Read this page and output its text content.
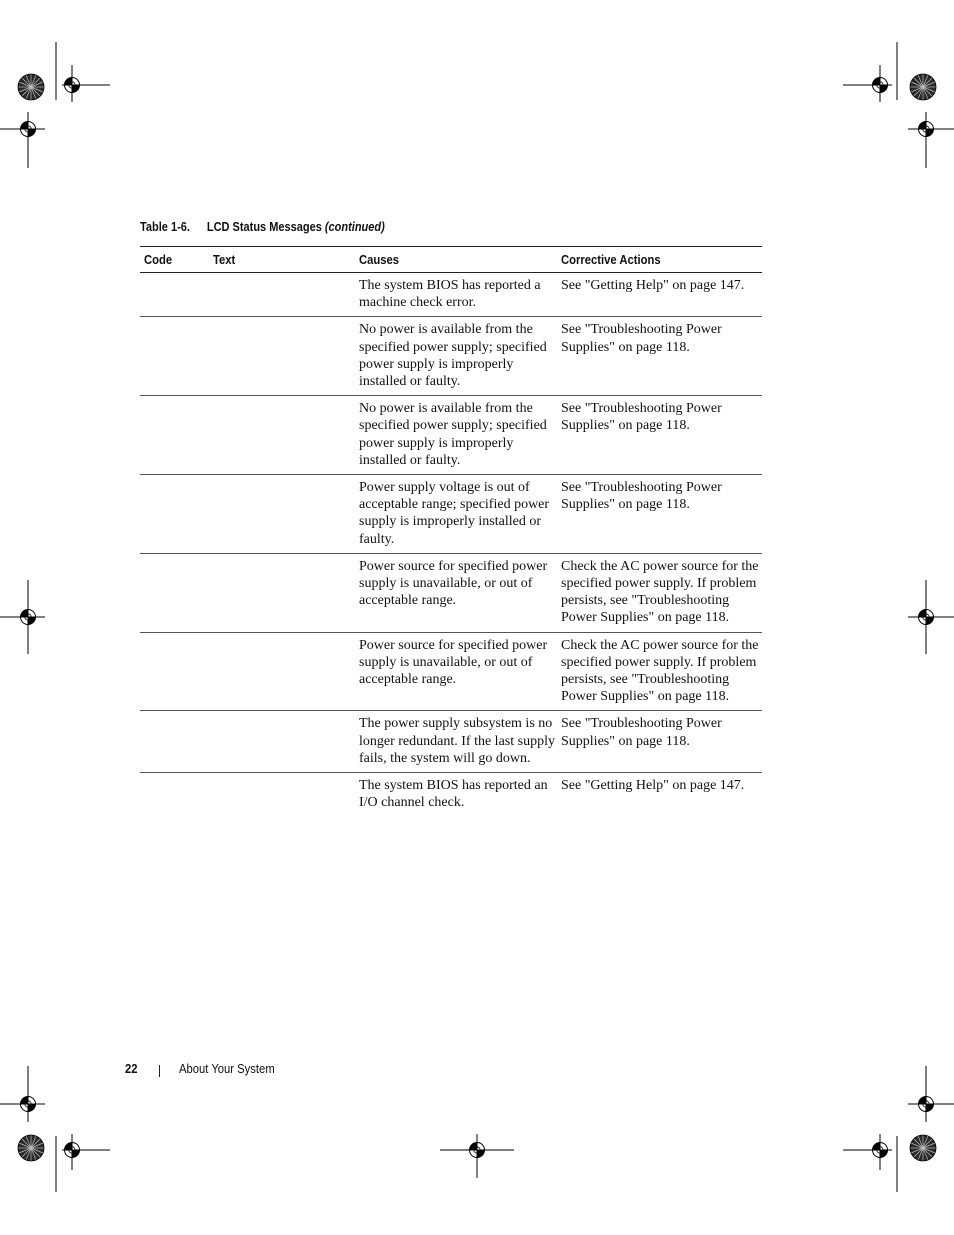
Table 1-6. LCD Status Messages (continued)
Code	Text	Causes	Corrective Actions
		The system BIOS has reported a machine check error.	See "Getting Help" on page 147.
		No power is available from the specified power supply; specified power supply is improperly installed or faulty.	See "Troubleshooting Power Supplies" on page 118.
		No power is available from the specified power supply; specified power supply is improperly installed or faulty.	See "Troubleshooting Power Supplies" on page 118.
		Power supply voltage is out of acceptable range; specified power supply is improperly installed or faulty.	See "Troubleshooting Power Supplies" on page 118.
		Power source for specified power supply is unavailable, or out of acceptable range.	Check the AC power source for the specified power supply. If problem persists, see "Troubleshooting Power Supplies" on page 118.
		Power source for specified power supply is unavailable, or out of acceptable range.	Check the AC power source for the specified power supply. If problem persists, see "Troubleshooting Power Supplies" on page 118.
		The power supply subsystem is no longer redundant. If the last supply fails, the system will go down.	See "Troubleshooting Power Supplies" on page 118.
		The system BIOS has reported an I/O channel check.	See "Getting Help" on page 147.
22	About Your System
